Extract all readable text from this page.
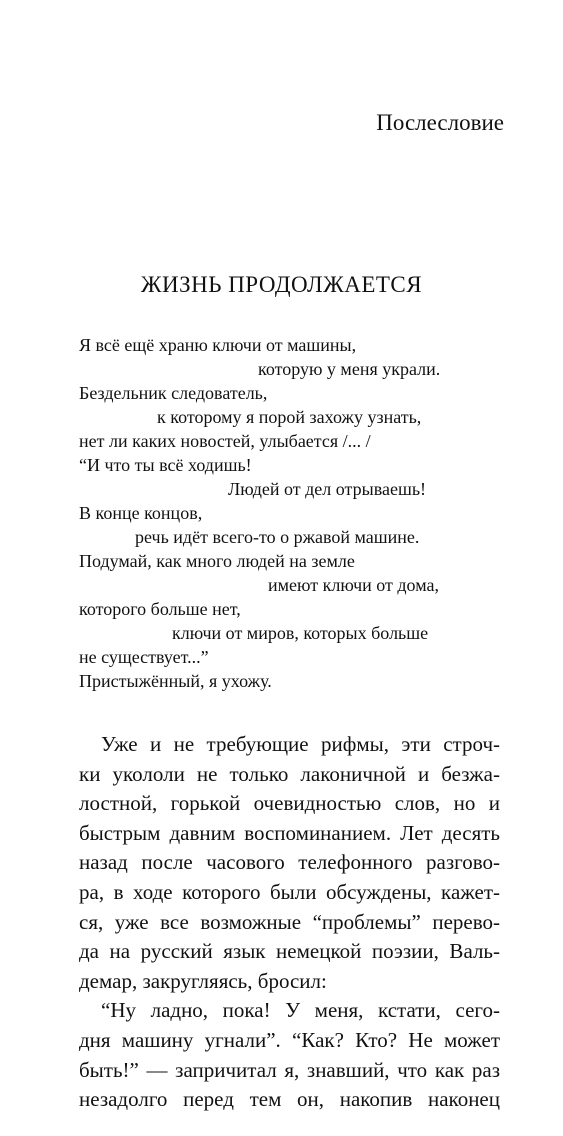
Послесловие
ЖИЗНЬ ПРОДОЛЖАЕТСЯ
Я всё ещё храню ключи от машины,
которую у меня украли.
Бездельник следователь,
к которому я порой захожу узнать,
нет ли каких новостей, улыбается /... /
“И что ты всё ходишь!
Людей от дел отрываешь!
В конце концов,
речь идёт всего-то о ржавой машине.
Подумай, как много людей на земле
имеют ключи от дома,
которого больше нет,
ключи от миров, которых больше
не существует...”
Пристыжённый, я ухожу.
Уже и не требующие рифмы, эти строч-
ки укололи не только лаконичной и безжа-
лостной, горькой очевидностью слов, но и
быстрым давним воспоминанием. Лет десять
назад после часового телефонного разгово-
ра, в ходе которого были обсуждены, кажет-
ся, уже все возможные “проблемы” перево-
да на русский язык немецкой поэзии, Валь-
демар, закругляясь, бросил:
“Ну ладно, пока! У меня, кстати, сего-
дня машину угнали”. “Как? Кто? Не может
быть!” — запричитал я, знавший, что как раз
незадолго перед тем он, накопив наконец
